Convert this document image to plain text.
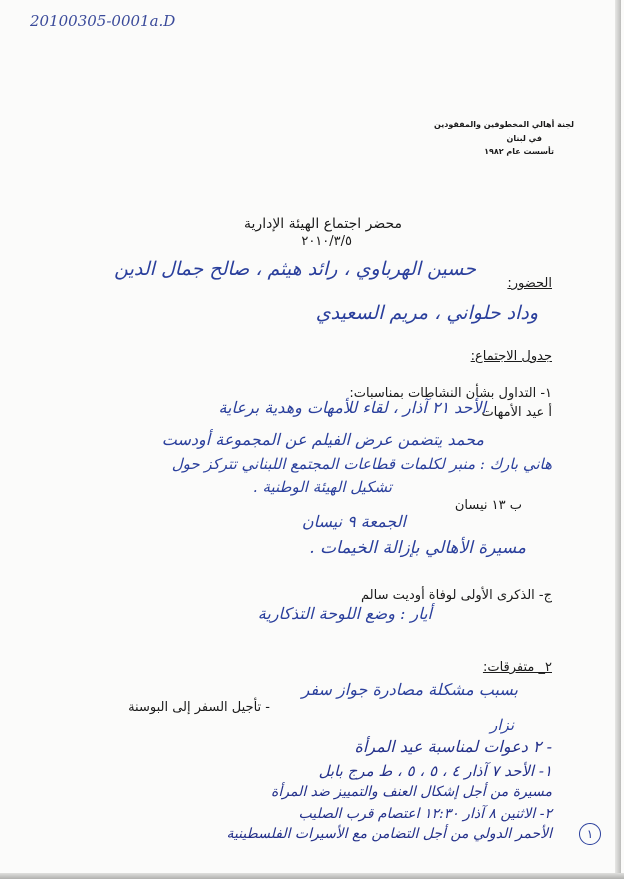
20100305-0001a.D
لجنة أهالي المخطوفين والمفقودين
في لبنان
تأسست عام ١٩٨٢
محضر اجتماع الهيئة الإدارية
٢٠١٠/٣/٥
الحضور:
حسين الهرباوي ، رائد هيثم ، صالح جمال الدين
وداد حلواني ، مريم السعيدي
جدول الاجتماع:
١- التداول بشأن النشاطات بمناسبات:
أ عيد الأمهات
الأحد ٢١ آذار ، لقاء للأمهات وهدية برعاية
محمد يتضمن عرض الفيلم عن المجموعة أودست
هاني بارك : منبر لكلمات قطاعات المجتمع اللبناني تتركز حول
تشكيل الهيئة الوطنية .
ب ١٣ نيسان
الجمعة ٩ نيسان
مسيرة الأهالي بإزالة الخيمات .
ج- الذكرى الأولى لوفاة أوديت سالم
أيار : وضع اللوحة التذكارية
٢_ متفرقات:
بسبب مشكلة مصادرة جواز سفر
- تأجيل السفر إلى البوسنة
نزار
- ٢ دعوات لمناسبة عيد المرأة
١- الأحد ٧ آذار ٤ ، ٥ ، ٥ ، ط مرج بابل
مسيرة من أجل إشكال العنف والتمييز ضد المرأة
٢- الاثنين ٨ آذار ١٢:٣٠ اعتصام قرب الصليب
الأحمر الدولي من أجل التضامن مع الأسيرات الفلسطينية	١
